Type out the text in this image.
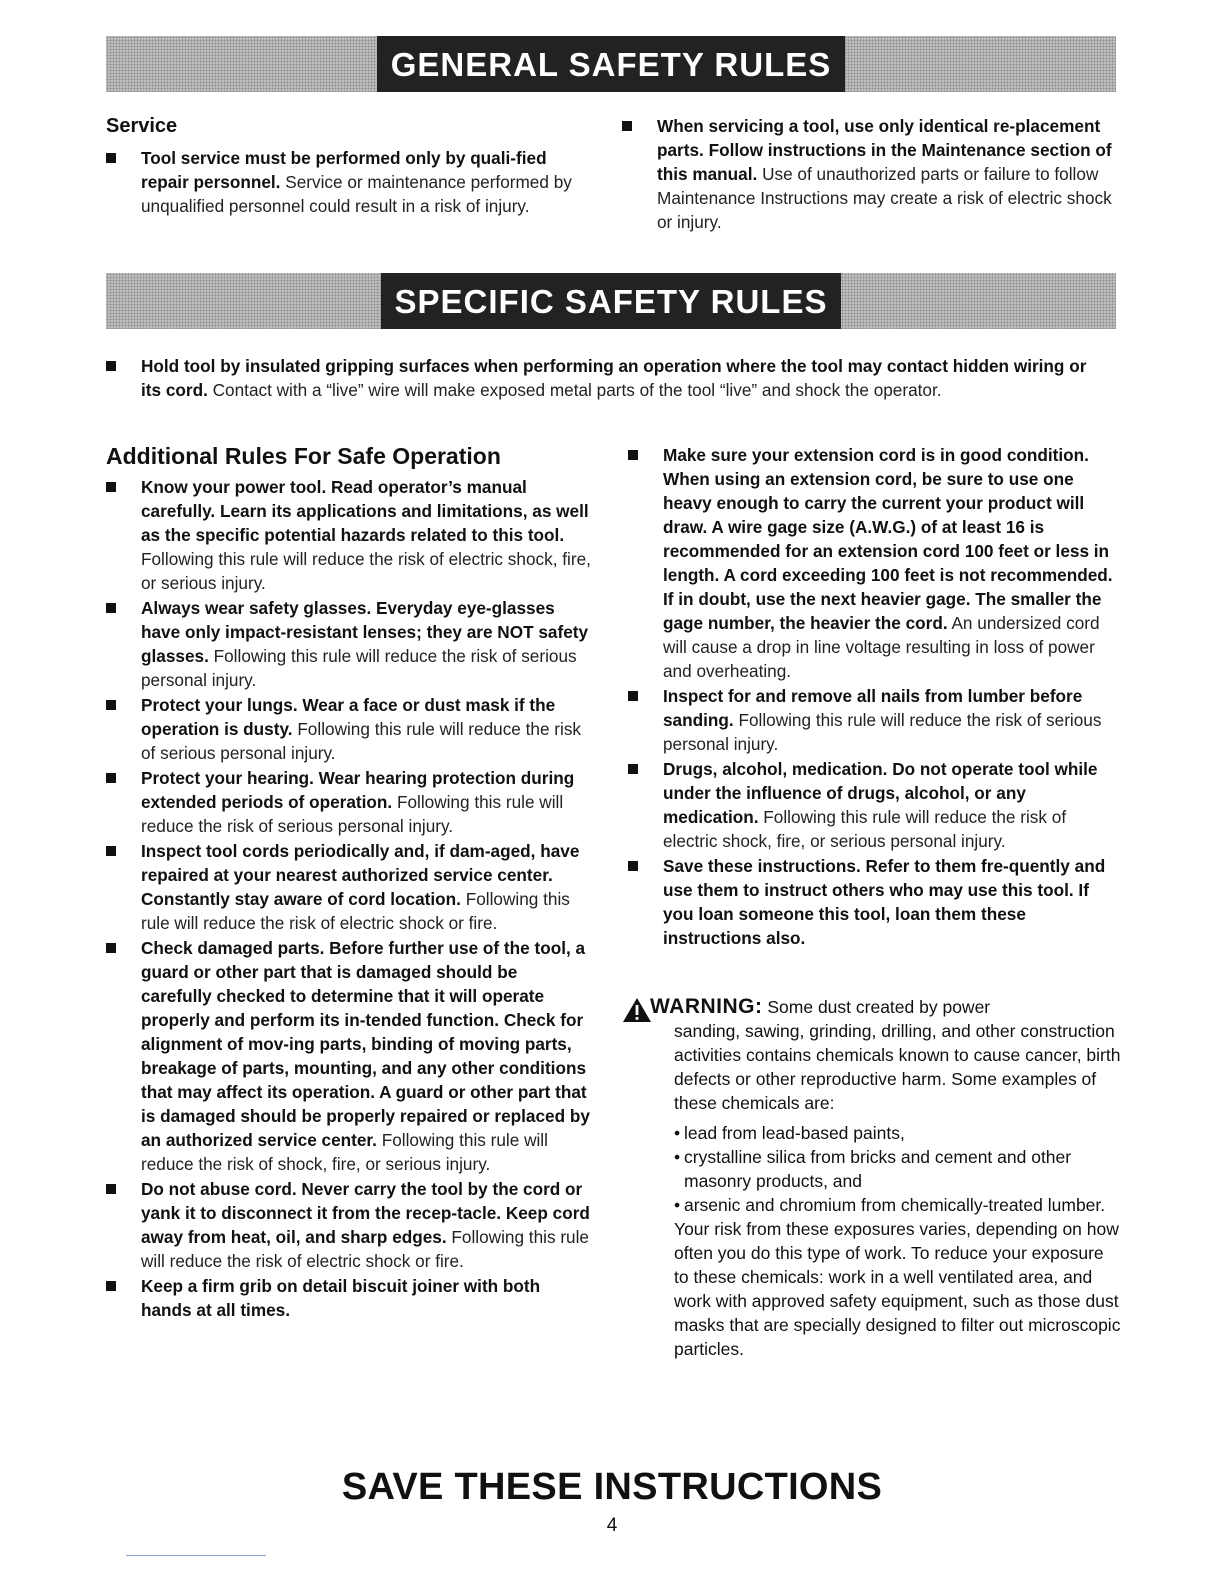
GENERAL SAFETY RULES
Service
Tool service must be performed only by quali-fied repair personnel. Service or maintenance performed by unqualified personnel could result in a risk of injury.
When servicing a tool, use only identical re-placement parts. Follow instructions in the Maintenance section of this manual. Use of unauthorized parts or failure to follow Maintenance Instructions may create a risk of electric shock or injury.
SPECIFIC SAFETY RULES
Hold tool by insulated gripping surfaces when performing an operation where the tool may contact hidden wiring or its cord. Contact with a “live” wire will make exposed metal parts of the tool “live” and shock the operator.
Additional Rules For Safe Operation
Know your power tool. Read operator’s manual carefully. Learn its applications and limitations, as well as the specific potential hazards related to this tool. Following this rule will reduce the risk of electric shock, fire, or serious injury.
Always wear safety glasses. Everyday eye-glasses have only impact-resistant lenses; they are NOT safety glasses. Following this rule will reduce the risk of serious personal injury.
Protect your lungs. Wear a face or dust mask if the operation is dusty. Following this rule will reduce the risk of serious personal injury.
Protect your hearing. Wear hearing protection during extended periods of operation. Following this rule will reduce the risk of serious personal injury.
Inspect tool cords periodically and, if dam-aged, have repaired at your nearest authorized service center. Constantly stay aware of cord location. Following this rule will reduce the risk of electric shock or fire.
Check damaged parts. Before further use of the tool, a guard or other part that is damaged should be carefully checked to determine that it will operate properly and perform its in-tended function. Check for alignment of mov-ing parts, binding of moving parts, breakage of parts, mounting, and any other conditions that may affect its operation. A guard or other part that is damaged should be properly repaired or replaced by an authorized service center. Following this rule will reduce the risk of shock, fire, or serious injury.
Do not abuse cord. Never carry the tool by the cord or yank it to disconnect it from the recep-tacle. Keep cord away from heat, oil, and sharp edges. Following this rule will reduce the risk of electric shock or fire.
Keep a firm grib on detail biscuit joiner with both hands at all times.
Make sure your extension cord is in good condition. When using an extension cord, be sure to use one heavy enough to carry the current your product will draw. A wire gage size (A.W.G.) of at least 16 is recommended for an extension cord 100 feet or less in length. A cord exceeding 100 feet is not recommended. If in doubt, use the next heavier gage. The smaller the gage number, the heavier the cord. An undersized cord will cause a drop in line voltage resulting in loss of power and overheating.
Inspect for and remove all nails from lumber before sanding. Following this rule will reduce the risk of serious personal injury.
Drugs, alcohol, medication. Do not operate tool while under the influence of drugs, alcohol, or any medication. Following this rule will reduce the risk of electric shock, fire, or serious personal injury.
Save these instructions. Refer to them fre-quently and use them to instruct others who may use this tool. If you loan someone this tool, loan them these instructions also.
WARNING: Some dust created by power
sanding, sawing, grinding, drilling, and other construction activities contains chemicals known to cause cancer, birth defects or other reproductive harm. Some examples of these chemicals are:
• lead from lead-based paints,
• crystalline silica from bricks and cement and other masonry products, and
• arsenic and chromium from chemically-treated lumber.
Your risk from these exposures varies, depending on how often you do this type of work. To reduce your exposure to these chemicals: work in a well ventilated area, and work with approved safety equipment, such as those dust masks that are specially designed to filter out microscopic particles.
SAVE THESE INSTRUCTIONS
4
